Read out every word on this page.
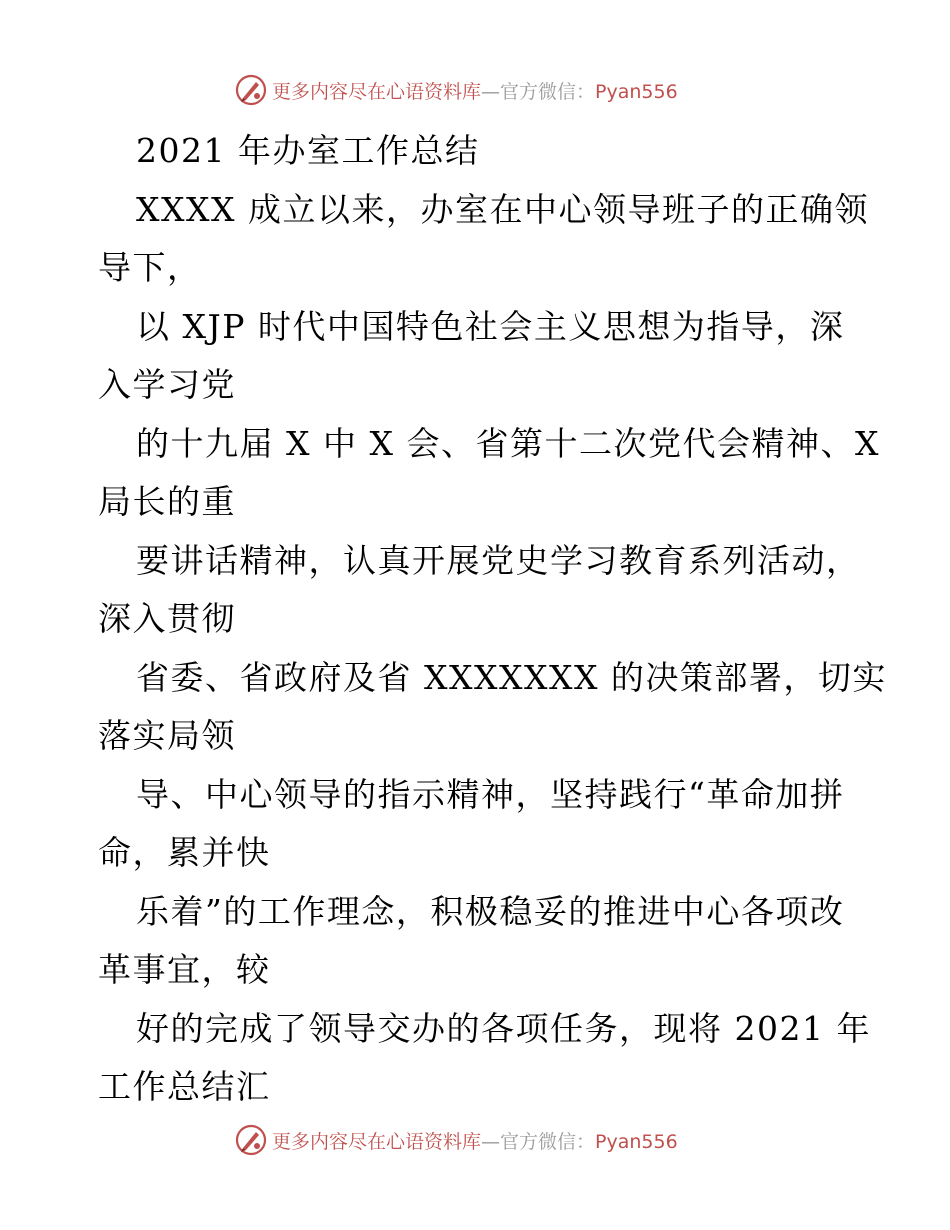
更多内容尽在心语资料库—官方微信：Pyan556
2021 年办室工作总结
XXXX 成立以来，办室在中心领导班子的正确领
导下，
以 XJP 时代中国特色社会主义思想为指导，深
入学习党
的十九届 X 中 X 会、省第十二次党代会精神、X
局长的重
要讲话精神，认真开展党史学习教育系列活动，
深入贯彻
省委、省政府及省 XXXXXXX 的决策部署，切实
落实局领
导、中心领导的指示精神，坚持践行“革命加拼
命，累并快
乐着”的工作理念，积极稳妥的推进中心各项改
革事宜，较
好的完成了领导交办的各项任务，现将 2021 年
工作总结汇
更多内容尽在心语资料库—官方微信：Pyan556
